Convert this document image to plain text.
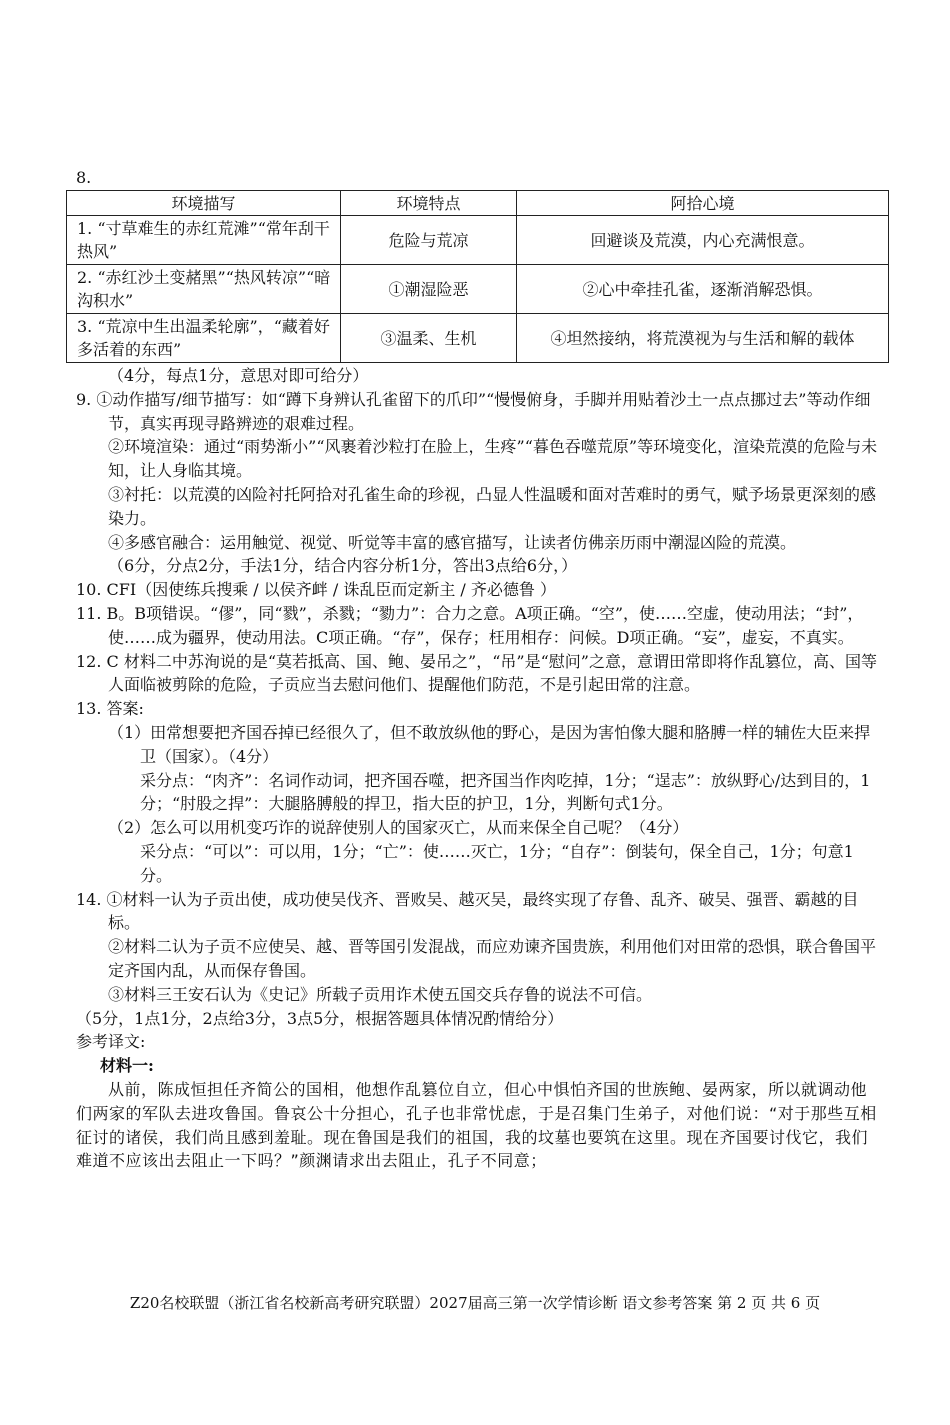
8.
环境描写	环境特点	阿拾心境
1. “寸草难生的赤红荒滩”“常年刮干热风”	危险与荒凉	回避谈及荒漠，内心充满恨意。
2. “赤红沙土变赭黑”“热风转凉”“暗沟积水”	①潮湿险恶	②心中牵挂孔雀，逐渐消解恐惧。
3. “荒凉中生出温柔轮廓”，“藏着好多活着的东西”	③温柔、生机	④坦然接纳，将荒漠视为与生活和解的载体

（4分，每点1分，意思对即可给分）

9. ①动作描写/细节描写：如“蹲下身辨认孔雀留下的爪印”“慢慢俯身，手脚并用贴着沙土一点点挪过去”等动作细节，真实再现寻路辨迹的艰难过程。

②环境渲染：通过“雨势渐小”“风裹着沙粒打在脸上，生疼”“暮色吞噬荒原”等环境变化，渲染荒漠的危险与未知，让人身临其境。

③衬托：以荒漠的凶险衬托阿拾对孔雀生命的珍视，凸显人性温暖和面对苦难时的勇气，赋予场景更深刻的感染力。

④多感官融合：运用触觉、视觉、听觉等丰富的感官描写，让读者仿佛亲历雨中潮湿凶险的荒漠。

（6分，分点2分，手法1分，结合内容分析1分，答出3点给6分，）

10. CFI（因使练兵搜乘 / 以侯齐衅 / 诛乱臣而定新主 / 齐必德鲁 ）

11. B。B项错误。“僇”，同“戮”，杀戮；“勠力”：合力之意。A项正确。“空”，使……空虚，使动用法；“封”，使……成为疆界，使动用法。C项正确。“存”，保存；枉用相存：问候。D项正确。“妄”，虚妄，不真实。

12. C 材料二中苏洵说的是“莫若抵高、国、鲍、晏吊之”，“吊”是“慰问”之意，意谓田常即将作乱篡位，高、国等人面临被剪除的危险，子贡应当去慰问他们、提醒他们防范，不是引起田常的注意。

13. 答案:

（1）田常想要把齐国吞掉已经很久了，但不敢放纵他的野心，是因为害怕像大腿和胳膊一样的辅佐大臣来捍卫（国家）。（4分）

采分点：“肉齐”：名词作动词，把齐国吞噬，把齐国当作肉吃掉，1分；“逞志”：放纵野心/达到目的，1分；“肘股之捍”：大腿胳膊般的捍卫，指大臣的护卫，1分，判断句式1分。

（2）怎么可以用机变巧诈的说辞使别人的国家灭亡，从而来保全自己呢？（4分）

采分点：“可以”：可以用，1分；“亡”：使……灭亡，1分；“自存”：倒装句，保全自己，1分；句意1分。

14. ①材料一认为子贡出使，成功使吴伐齐、晋败吴、越灭吴，最终实现了存鲁、乱齐、破吴、强晋、霸越的目标。

②材料二认为子贡不应使吴、越、晋等国引发混战，而应劝谏齐国贵族，利用他们对田常的恐惧，联合鲁国平定齐国内乱，从而保存鲁国。

③材料三王安石认为《史记》所载子贡用诈术使五国交兵存鲁的说法不可信。

（5分，1点1分，2点给3分，3点5分，根据答题具体情况酌情给分）

参考译文:

材料一:

从前，陈成恒担任齐简公的国相，他想作乱篡位自立，但心中惧怕齐国的世族鲍、晏两家，所以就调动他们两家的军队去进攻鲁国。鲁哀公十分担心，孔子也非常忧虑，于是召集门生弟子，对他们说：“对于那些互相征讨的诸侯，我们尚且感到羞耻。现在鲁国是我们的祖国，我的坟墓也要筑在这里。现在齐国要讨伐它，我们难道不应该出去阻止一下吗？”颜渊请求出去阻止，孔子不同意；

Z20名校联盟（浙江省名校新高考研究联盟）2027届高三第一次学情诊断 语文参考答案 第 2 页 共 6 页
